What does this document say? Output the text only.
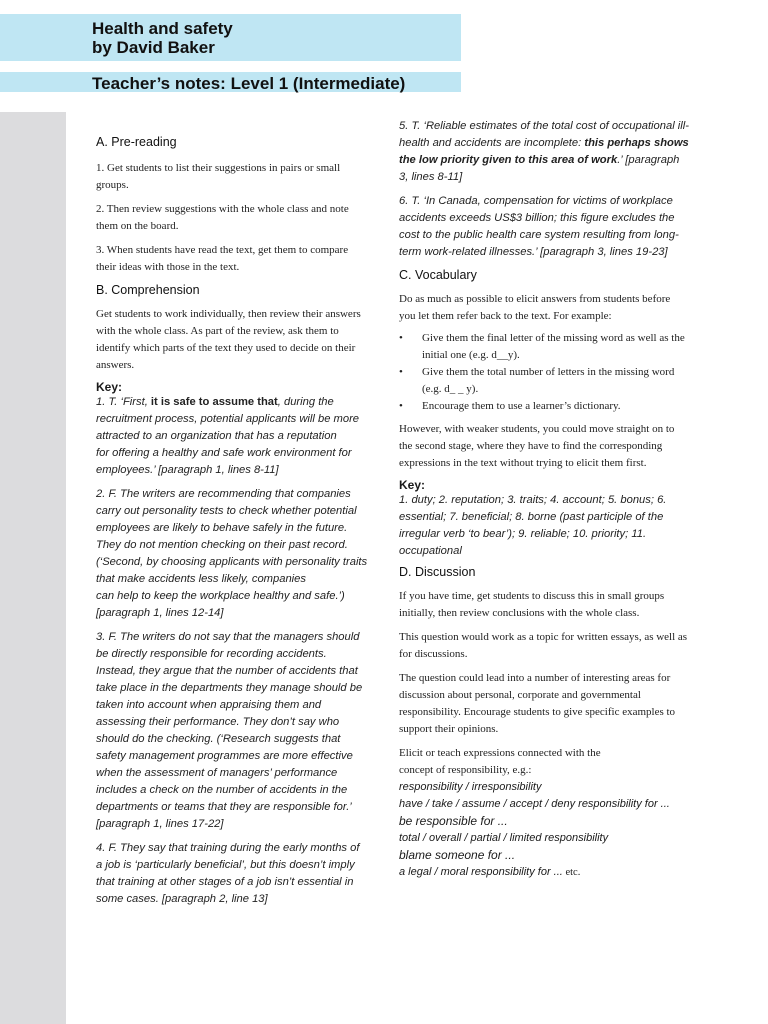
Health and safety
by David Baker
Teacher’s notes: Level 1 (Intermediate)
A. Pre-reading

1. Get students to list their suggestions in pairs or small groups.

2. Then review suggestions with the whole class and note them on the board.

3. When students have read the text, get them to compare their ideas with those in the text.

B. Comprehension

Get students to work individually, then review their answers with the whole class. As part of the review, ask them to identify which parts of the text they used to decide on their answers.

Key:

1. T. ‘First, it is safe to assume that, during the recruitment process, potential applicants will be more attracted to an organization that has a reputation
for offering a healthy and safe work environment for employees.’ [paragraph 1, lines 8-11]

2. F. The writers are recommending that companies carry out personality tests to check whether potential employees are likely to behave safely in the future. They do not mention checking on their past record. (‘Second, by choosing applicants with personality traits that make accidents less likely, companies
can help to keep the workplace healthy and safe.’) [paragraph 1, lines 12-14]

3. F. The writers do not say that the managers should be directly responsible for recording accidents. Instead, they argue that the number of accidents that take place in the departments they manage should be taken into account when appraising them and assessing their performance. They don’t say who should do the checking. (‘Research suggests that safety management programmes are more effective when the assessment of managers’ performance includes a check on the number of accidents in the departments or teams that they are responsible for.’ [paragraph 1, lines 17-22]

4. F. They say that training during the early months of a job is ‘particularly beneficial’, but this doesn’t imply that training at other stages of a job isn’t essential in some cases. [paragraph 2, line 13]

5. T. ‘Reliable estimates of the total cost of occupational ill-health and accidents are incomplete: this perhaps shows the low priority given to this area of work.’ [paragraph 3, lines 8-11]

6. T. ‘In Canada, compensation for victims of workplace accidents exceeds US$3 billion; this figure excludes the cost to the public health care system resulting from long-term work-related illnesses.’ [paragraph 3, lines 19-23]

C. Vocabulary

Do as much as possible to elicit answers from students before you let them refer back to the text. For example:

• Give them the final letter of the missing word as well as the initial one (e.g. d__y).
• Give them the total number of letters in the missing word (e.g. d_ _ y).
• Encourage them to use a learner’s dictionary.

However, with weaker students, you could move straight on to the second stage, where they have to find the corresponding expressions in the text without trying to elicit them first.

Key:

1. duty; 2. reputation; 3. traits; 4. account; 5. bonus; 6. essential; 7. beneficial; 8. borne (past participle of the irregular verb ‘to bear’); 9. reliable; 10. priority; 11. occupational

D. Discussion

If you have time, get students to discuss this in small groups initially, then review conclusions with the whole class.

This question would work as a topic for written essays, as well as for discussions.

The question could lead into a number of interesting areas for discussion about personal, corporate and governmental responsibility. Encourage students to give specific examples to support their opinions.

Elicit or teach expressions connected with the

concept of responsibility, e.g.:

responsibility / irresponsibility

have / take / assume / accept / deny responsibility for ...

be responsible for ...

total / overall / partial / limited responsibility

blame someone for ...

a legal / moral responsibility for ... etc.
